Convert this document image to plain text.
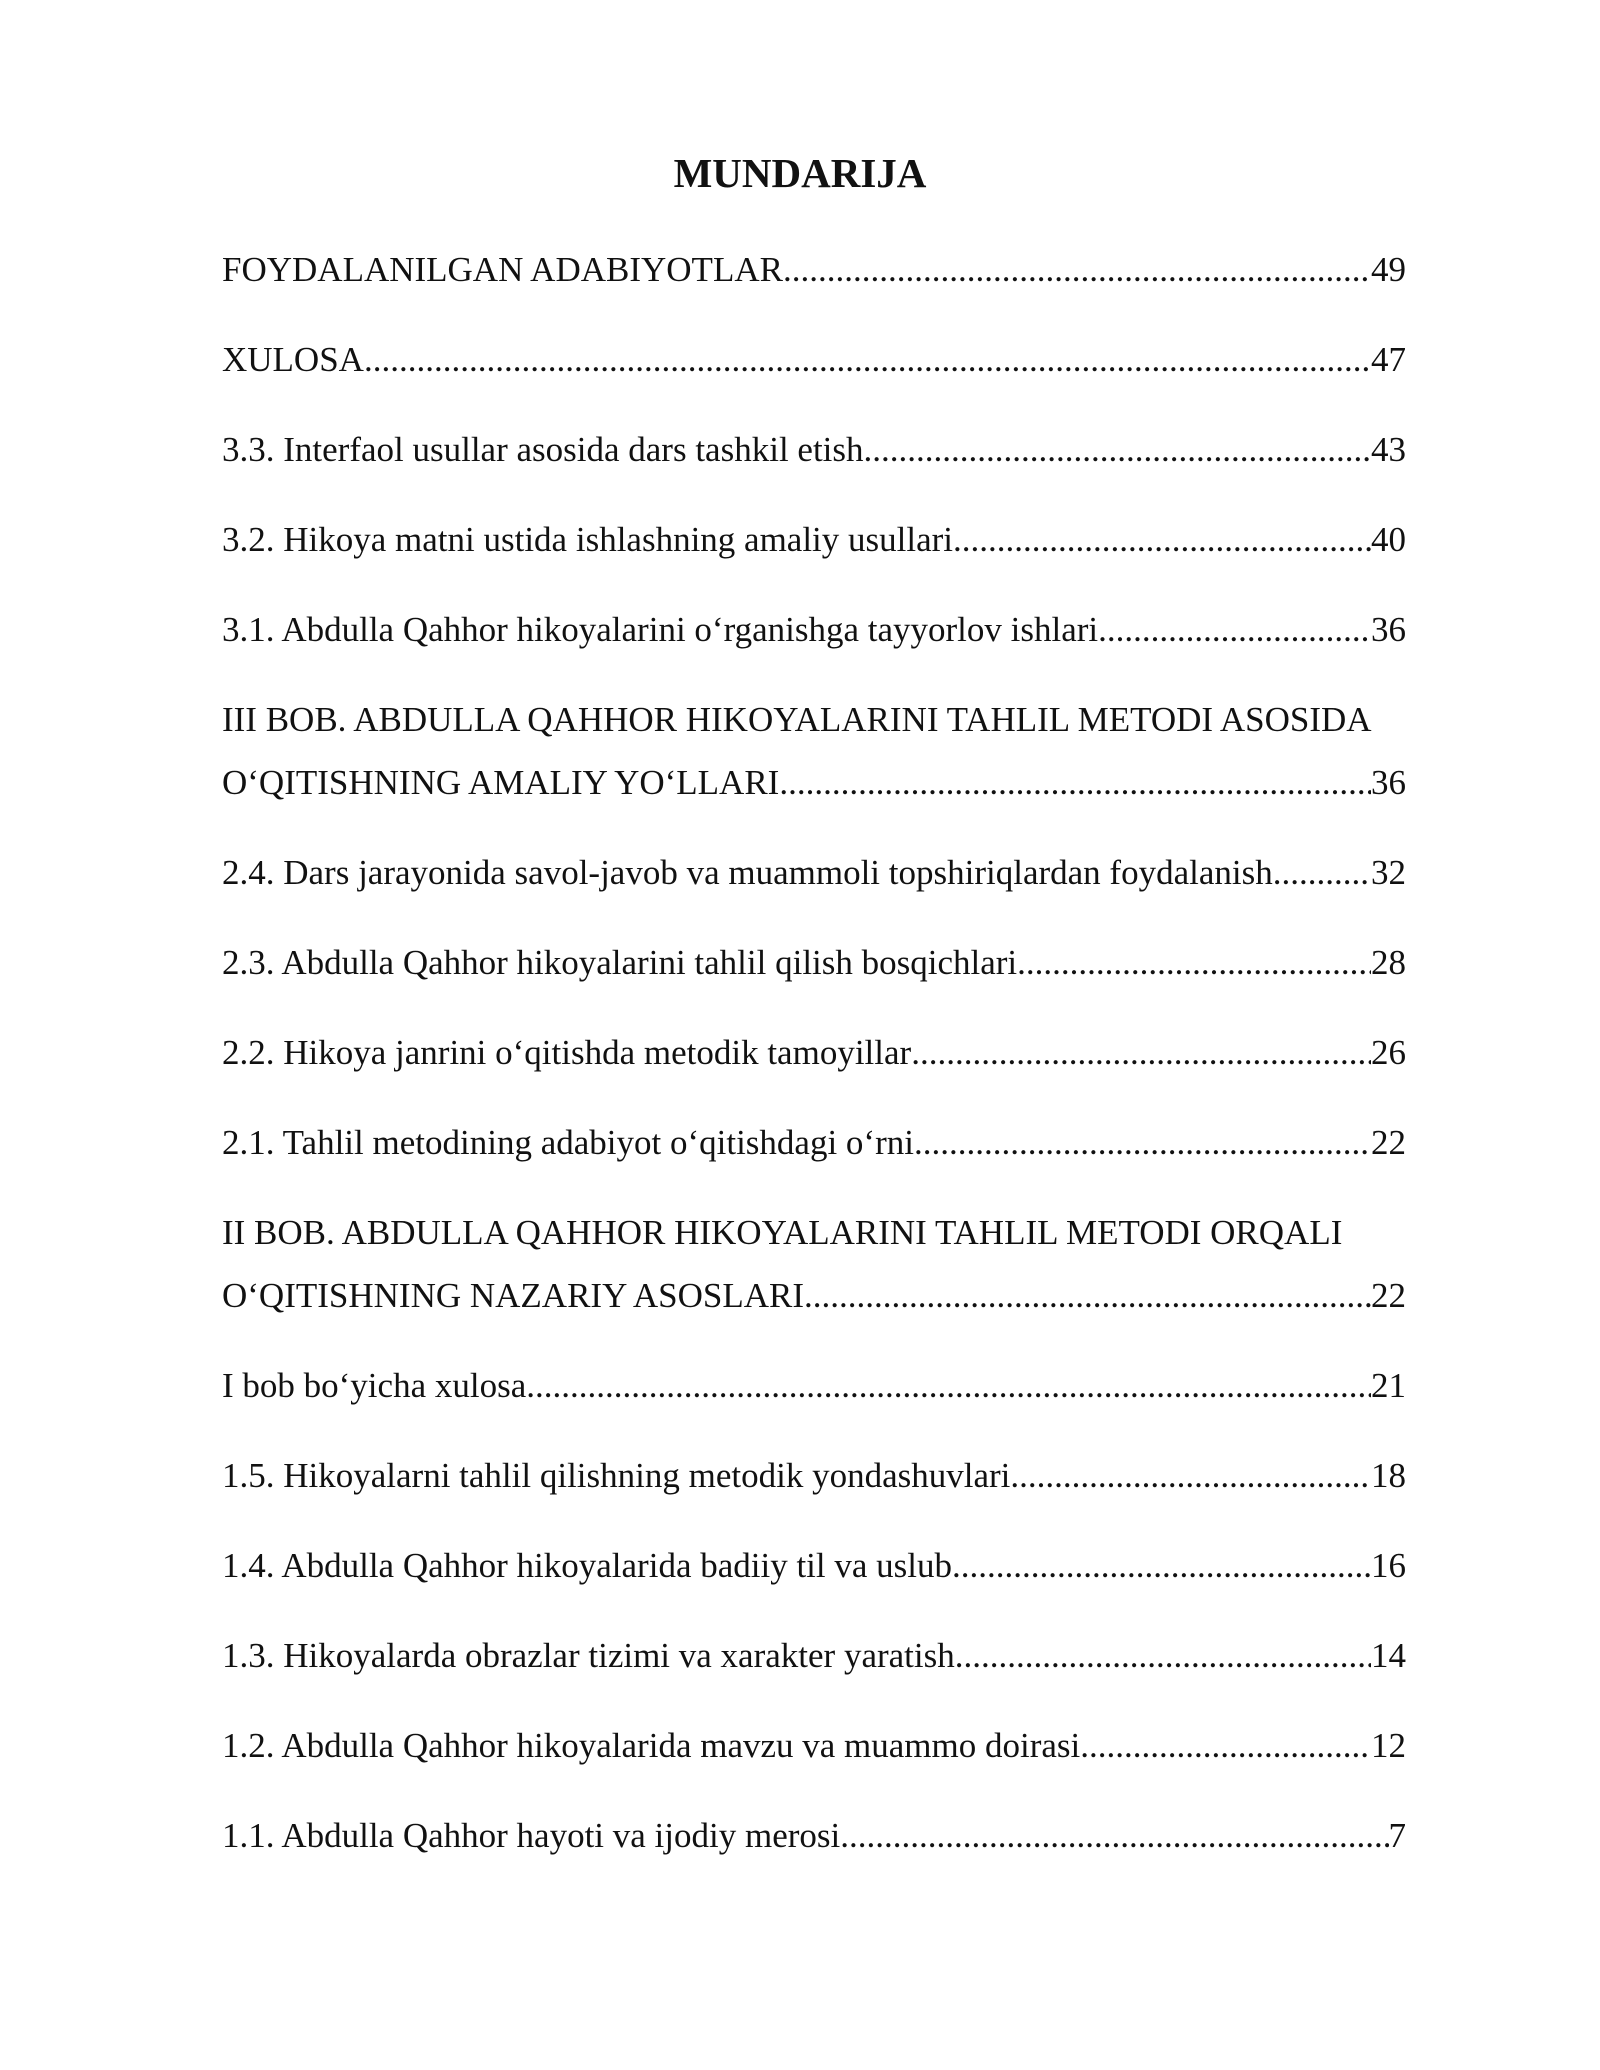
MUNDARIJA
FOYDALANILGAN ADABIYOTLAR .....	49
XULOSA .....	47
3.3. Interfaol usullar asosida dars tashkil etish .....	43
3.2. Hikoya matni ustida ishlashning amaliy usullari .....	40
3.1. Abdulla Qahhor hikoyalarini o‘rganishga tayyorlov ishlari .....	36
III BOB. ABDULLA QAHHOR HIKOYALARINI TAHLIL METODI ASOSIDA
O‘QITISHNING AMALIY YO‘LLARI .....	36
2.4. Dars jarayonida savol-javob va muammoli topshiriqlardan foydalanish .....	32
2.3. Abdulla Qahhor hikoyalarini tahlil qilish bosqichlari .....	28
2.2. Hikoya janrini o‘qitishda metodik tamoyillar .....	26
2.1. Tahlil metodining adabiyot o‘qitishdagi o‘rni .....	22
II BOB. ABDULLA QAHHOR HIKOYALARINI TAHLIL METODI ORQALI
O‘QITISHNING NAZARIY ASOSLARI .....	22
I bob bo‘yicha xulosa .....	21
1.5. Hikoyalarni tahlil qilishning metodik yondashuvlari .....	18
1.4. Abdulla Qahhor hikoyalarida badiiy til va uslub .....	16
1.3. Hikoyalarda obrazlar tizimi va xarakter yaratish .....	14
1.2. Abdulla Qahhor hikoyalarida mavzu va muammo doirasi .....	12
1.1. Abdulla Qahhor hayoti va ijodiy merosi .....	7
